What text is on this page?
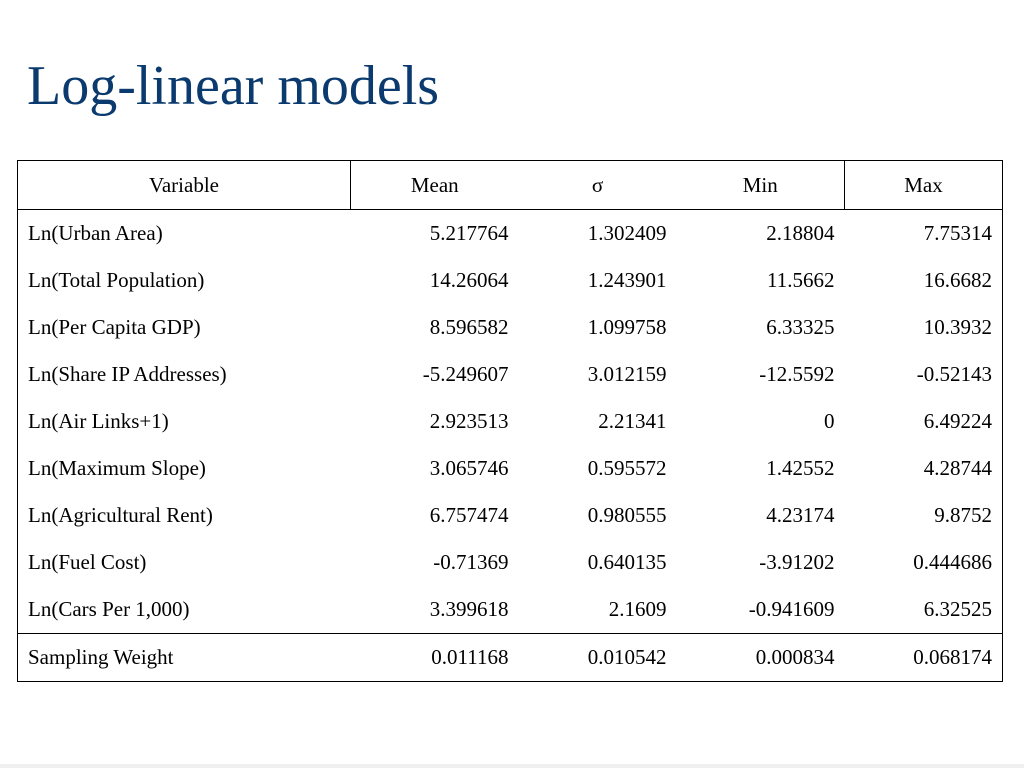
Log-linear models
Variable	Mean	σ	Min	Max
Ln(Urban Area)	5.217764	1.302409	2.18804	7.75314
Ln(Total Population)	14.26064	1.243901	11.5662	16.6682
Ln(Per Capita GDP)	8.596582	1.099758	6.33325	10.3932
Ln(Share IP Addresses)	-5.249607	3.012159	-12.5592	-0.52143
Ln(Air Links+1)	2.923513	2.21341	0	6.49224
Ln(Maximum Slope)	3.065746	0.595572	1.42552	4.28744
Ln(Agricultural Rent)	6.757474	0.980555	4.23174	9.8752
Ln(Fuel Cost)	-0.71369	0.640135	-3.91202	0.444686
Ln(Cars Per 1,000)	3.399618	2.1609	-0.941609	6.32525
Sampling Weight	0.011168	0.010542	0.000834	0.068174
